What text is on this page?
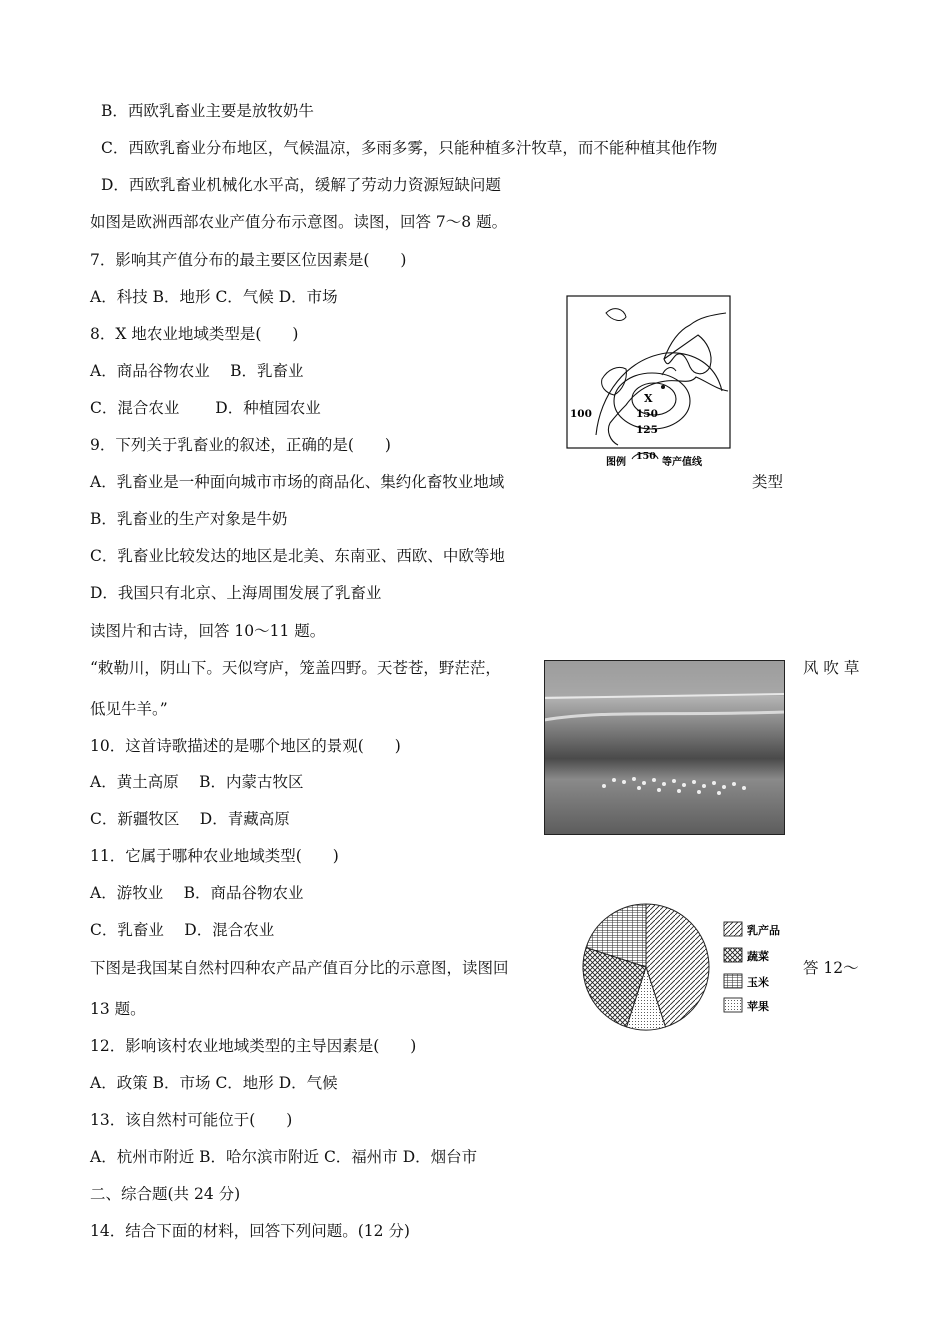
B．西欧乳畜业主要是放牧奶牛
C．西欧乳畜业分布地区，气候温凉，多雨多雾，只能种植多汁牧草，而不能种植其他作物
D．西欧乳畜业机械化水平高，缓解了劳动力资源短缺问题
如图是欧洲西部农业产值分布示意图。读图，回答 7～8 题。
7．影响其产值分布的最主要区位因素是(　　)
A．科技 B．地形 C．气候 D．市场
8．X 地农业地域类型是(　　)
A．商品谷物农业　 B．乳畜业
C．混合农业　　 D．种植园农业
9．下列关于乳畜业的叙述，正确的是(　　)
A．乳畜业是一种面向城市市场的商品化、集约化畜牧业地域	类型
B．乳畜业的生产对象是牛奶
C．乳畜业比较发达的地区是北美、东南亚、西欧、中欧等地
D．我国只有北京、上海周围发展了乳畜业
读图片和古诗，回答 10～11 题。
“敕勒川，阴山下。天似穹庐，笼盖四野。天苍苍，野茫茫，	风 吹 草
低见牛羊。”
10．这首诗歌描述的是哪个地区的景观(　　)
A．黄土高原　 B．内蒙古牧区
C．新疆牧区　 D．青藏高原
11．它属于哪种农业地域类型(　　)
A．游牧业　 B．商品谷物农业
C．乳畜业　 D．混合农业
下图是我国某自然村四种农产品产值百分比的示意图，读图回	答 12～
13 题。
12．影响该村农业地域类型的主导因素是(　　)
A．政策 B．市场 C．地形 D．气候
13．该自然村可能位于(　　)
A．杭州市附近 B．哈尔滨市附近 C．福州市 D．烟台市
二、综合题(共 24 分)
14．结合下面的材料，回答下列问题。(12 分)
X
100	150
125
图例
150
等产值线
乳产品
蔬菜
玉米
苹果
